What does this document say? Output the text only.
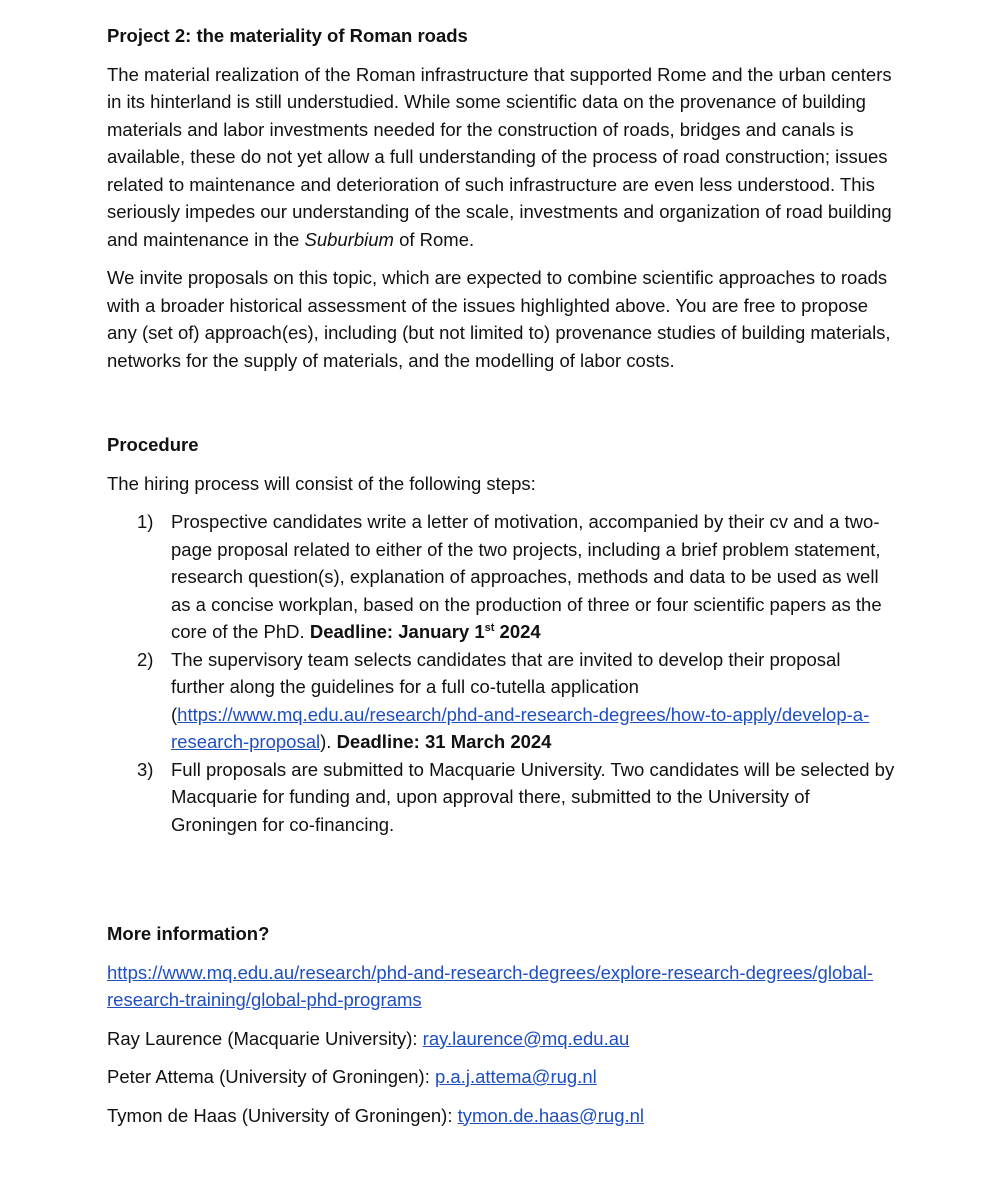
Project 2: the materiality of Roman roads

The material realization of the Roman infrastructure that supported Rome and the urban centers in its hinterland is still understudied. While some scientific data on the provenance of building materials and labor investments needed for the construction of roads, bridges and canals is available, these do not yet allow a full understanding of the process of road construction; issues related to maintenance and deterioration of such infrastructure are even less understood. This seriously impedes our understanding of the scale, investments and organization of road building and maintenance in the Suburbium of Rome.

We invite proposals on this topic, which are expected to combine scientific approaches to roads with a broader historical assessment of the issues highlighted above. You are free to propose any (set of) approach(es), including (but not limited to) provenance studies of building materials, networks for the supply of materials, and the modelling of labor costs.

Procedure

The hiring process will consist of the following steps:

1) Prospective candidates write a letter of motivation, accompanied by their cv and a two-page proposal related to either of the two projects, including a brief problem statement, research question(s), explanation of approaches, methods and data to be used as well as a concise workplan, based on the production of three or four scientific papers as the core of the PhD. Deadline: January 1st 2024
2) The supervisory team selects candidates that are invited to develop their proposal further along the guidelines for a full co-tutella application (https://www.mq.edu.au/research/phd-and-research-degrees/how-to-apply/develop-a-research-proposal). Deadline: 31 March 2024
3) Full proposals are submitted to Macquarie University. Two candidates will be selected by Macquarie for funding and, upon approval there, submitted to the University of Groningen for co-financing.
More information?

https://www.mq.edu.au/research/phd-and-research-degrees/explore-research-degrees/global-research-training/global-phd-programs

Ray Laurence (Macquarie University): ray.laurence@mq.edu.au

Peter Attema (University of Groningen): p.a.j.attema@rug.nl

Tymon de Haas (University of Groningen): tymon.de.haas@rug.nl
